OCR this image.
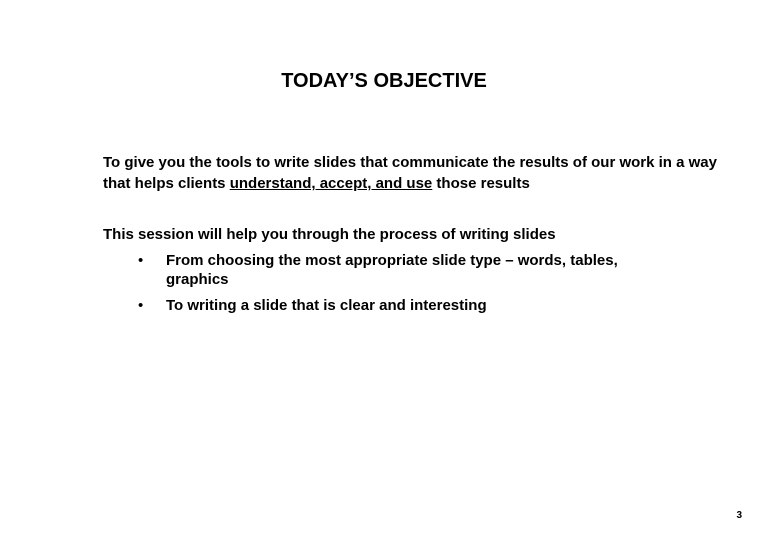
TODAY’S OBJECTIVE

To give you the tools to write slides that communicate the results of our work in a way that helps clients understand, accept, and use those results

This session will help you through the process of writing slides

• From choosing the most appropriate slide type – words, tables, graphics
• To writing a slide that is clear and interesting
3
